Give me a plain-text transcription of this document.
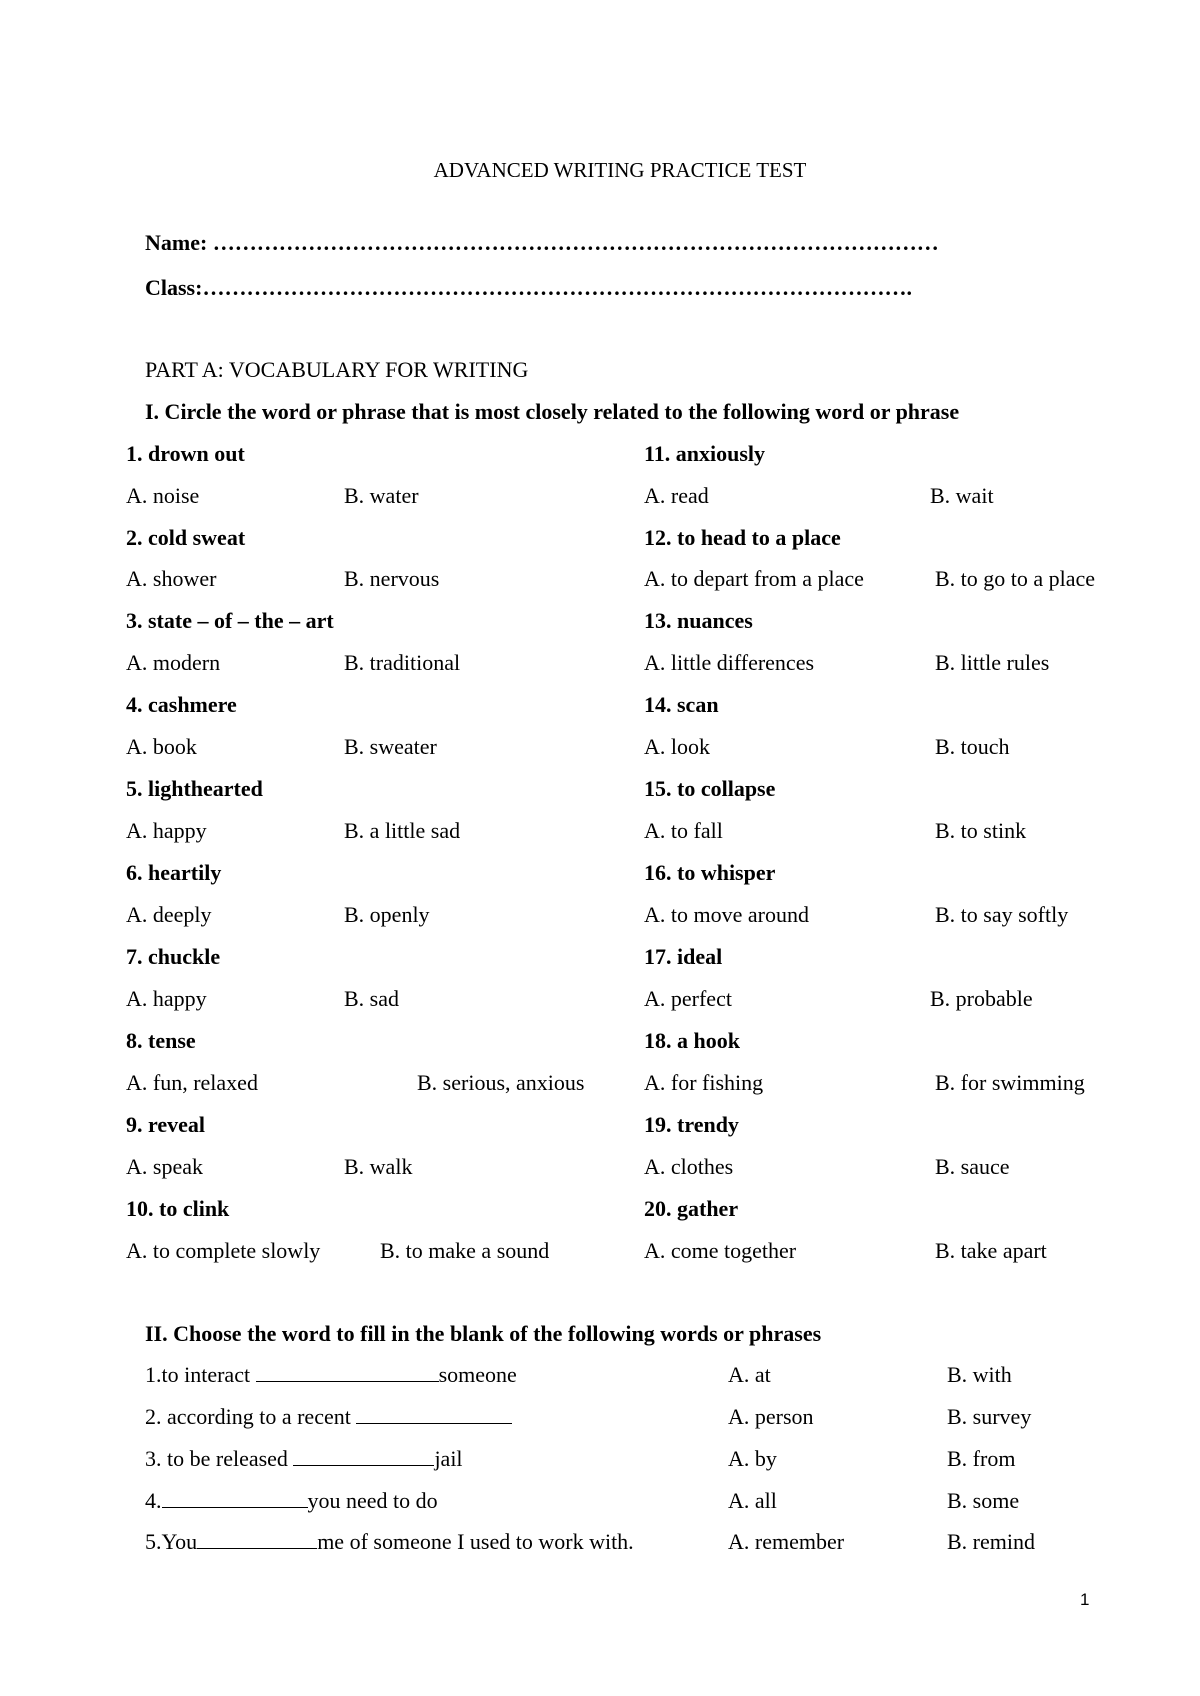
ADVANCED WRITING PRACTICE TEST
Name: ………………………………………………………………………………………
Class:…………………………………………………………………………………….
PART A: VOCABULARY FOR WRITING
I. Circle the word or phrase that is most closely related to the following word or phrase
1. drown out
A. noise	B. water
2. cold sweat
A. shower	B. nervous
3. state – of – the – art
A. modern	B. traditional
4. cashmere
A. book	B. sweater
5. lighthearted
A. happy	B. a little sad
6. heartily
A. deeply	B. openly
7. chuckle
A. happy	B. sad
8. tense
A. fun, relaxed	B. serious, anxious
9. reveal
A. speak	B. walk
10. to clink
A. to complete slowly	B. to make a sound
11. anxiously
A. read	B. wait
12. to head to a place
A. to depart from a place	B. to go to a place
13. nuances
A. little differences	B. little rules
14. scan
A. look	B. touch
15. to collapse
A. to fall	B. to stink
16. to whisper
A. to move around	B. to say softly
17. ideal
A. perfect	B. probable
18. a hook
A. for fishing	B. for swimming
19. trendy
A. clothes	B. sauce
20. gather
A. come together	B. take apart
II. Choose the word to fill in the blank of the following words or phrases
1.to interact	someone	A. at	B. with
2. according to a recent	A. person	B. survey
3. to be released	jail	A. by	B. from
4.	you need to do	A. all	B. some
5.You	me of someone I used to work with.	A. remember	B. remind
1
